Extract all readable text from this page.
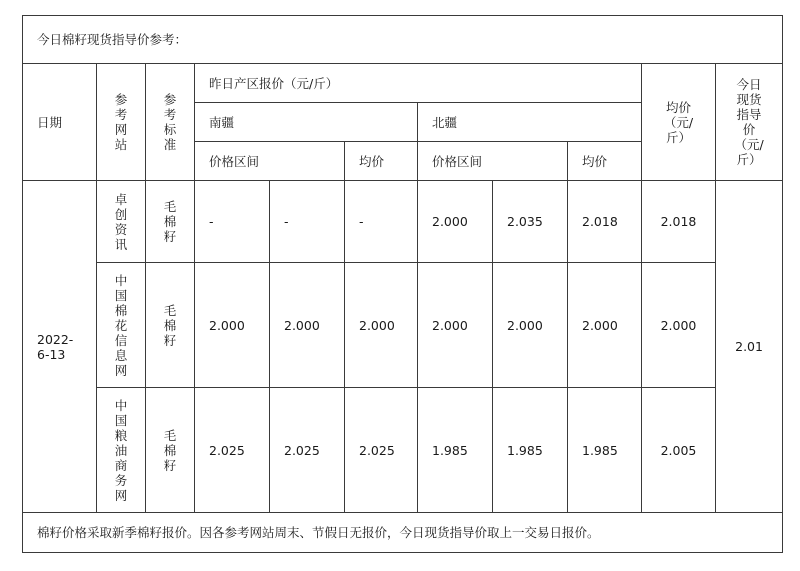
今日棉籽现货指导价参考：										
日期	参考网站	参考标准	昨日产区报价（元/斤）						均价（元/斤）	今日现货指导价（元/斤）

			南疆			北疆				
			价格区间		均价	价格区间		均价		

2022-6-13	卓创资讯	毛棉籽	-	-	-	2.000	2.035	2.018	2.018	2.01

	中国棉花信息网	毛棉籽	2.000	2.000	2.000	2.000	2.000	2.000	2.000	

	中国粮油商务网	毛棉籽	2.025	2.025	2.025	1.985	1.985	1.985	2.005	
棉籽价格采取新季棉籽报价。因各参考网站周末、节假日无报价，今日现货指导价取上一交易日报价。										
